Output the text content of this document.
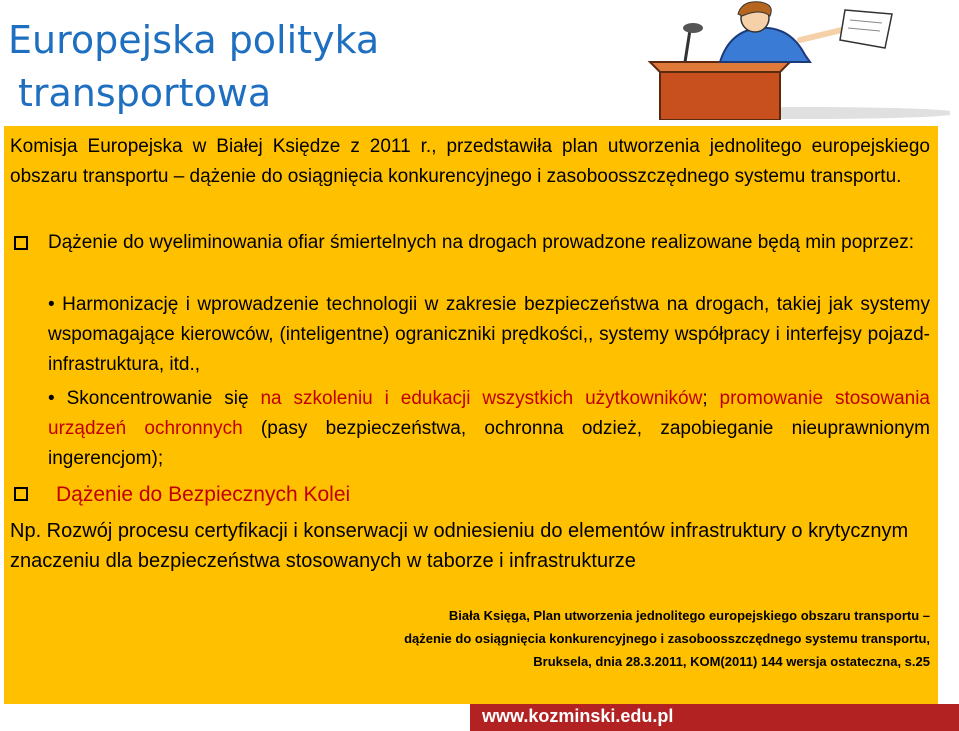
Europejska polityka
transportowa
Komisja Europejska w Białej Księdze z 2011 r., przedstawiła plan utworzenia jednolitego europejskiego obszaru transportu – dążenie do osiągnięcia konkurencyjnego i zasoboosszczędnego systemu transportu.
Dążenie do wyeliminowania ofiar śmiertelnych na drogach prowadzone realizowane będą min poprzez:
• Harmonizację i wprowadzenie technologii w zakresie bezpieczeństwa na drogach, takiej jak systemy wspomagające kierowców, (inteligentne) ograniczniki prędkości,, systemy współpracy i interfejsy pojazd-infrastruktura, itd.,
• Skoncentrowanie się na szkoleniu i edukacji wszystkich użytkowników; promowanie stosowania urządzeń ochronnych (pasy bezpieczeństwa, ochronna odzież, zapobieganie nieuprawnionym ingerencjom);
Dążenie do Bezpiecznych Kolei
Np. Rozwój procesu certyfikacji i konserwacji w odniesieniu do elementów infrastruktury o krytycznym znaczeniu dla bezpieczeństwa stosowanych w taborze i infrastrukturze
Biała Księga, Plan utworzenia jednolitego europejskiego obszaru transportu –
dążenie do osiągnięcia konkurencyjnego i zasoboosszczędnego systemu transportu,
Bruksela, dnia 28.3.2011, KOM(2011) 144 wersja ostateczna, s.25
www.kozminski.edu.pl
